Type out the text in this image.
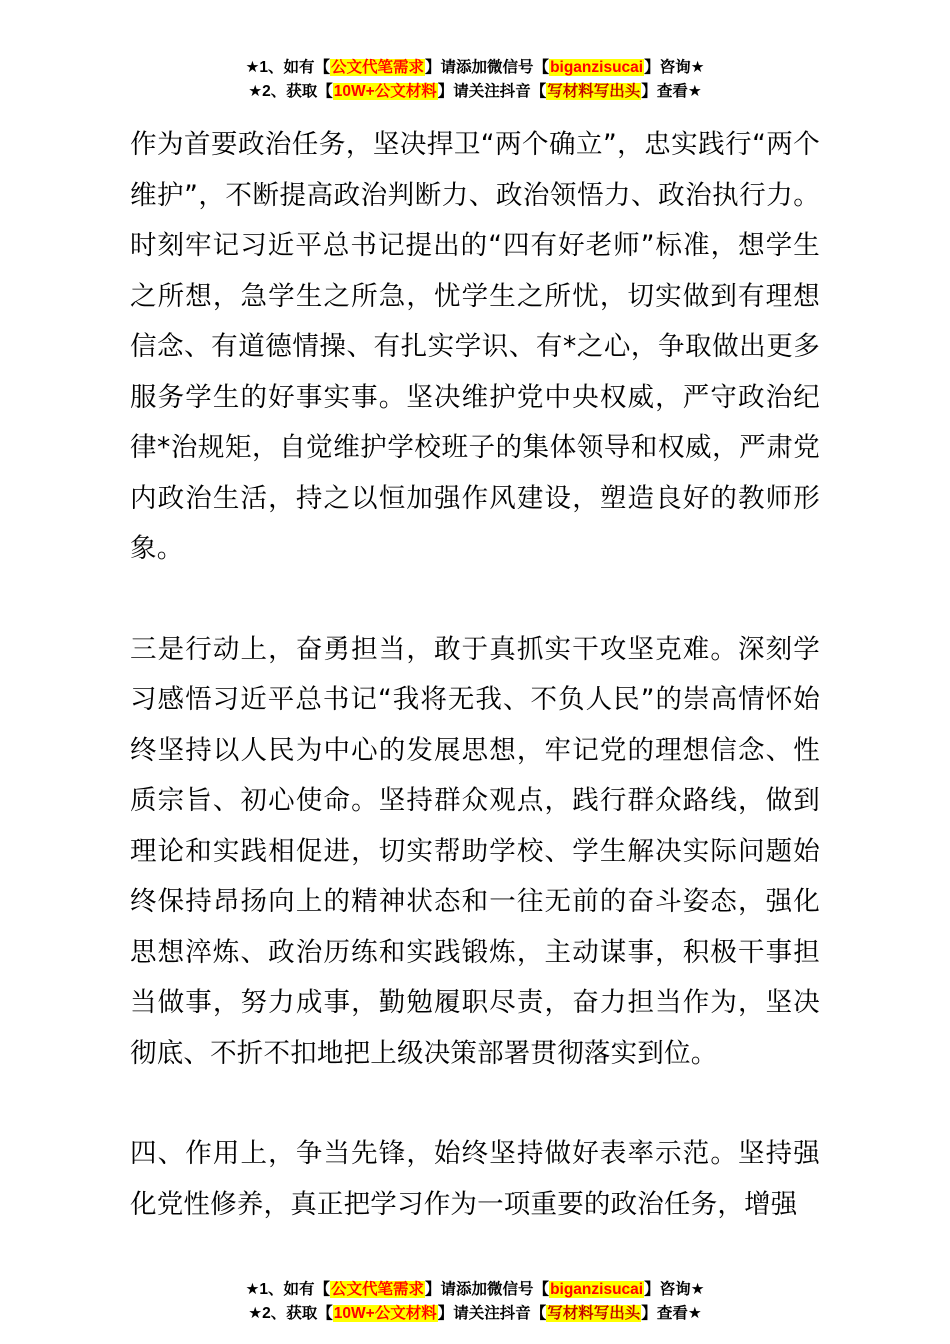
★1、如有【公文代笔需求】请添加微信号【biganzisucai】咨询★
★2、获取【10W+公文材料】请关注抖音【写材料写出头】查看★

作为首要政治任务，坚决捍卫“两个确立”，忠实践行“两个维护”，不断提高政治判断力、政治领悟力、政治执行力。时刻牢记习近平总书记提出的“四有好老师”标准，想学生之所想，急学生之所急，忧学生之所忧，切实做到有理想信念、有道德情操、有扎实学识、有*之心，争取做出更多服务学生的好事实事。坚决维护党中央权威，严守政治纪律*治规矩，自觉维护学校班子的集体领导和权威，严肃党内政治生活，持之以恒加强作风建设，塑造良好的教师形象。

三是行动上，奋勇担当，敢于真抓实干攻坚克难。深刻学习感悟习近平总书记“我将无我、不负人民”的崇高情怀始终坚持以人民为中心的发展思想，牢记党的理想信念、性质宗旨、初心使命。坚持群众观点，践行群众路线，做到理论和实践相促进，切实帮助学校、学生解决实际问题始终保持昂扬向上的精神状态和一往无前的奋斗姿态，强化思想淬炼、政治历练和实践锻炼，主动谋事，积极干事担当做事，努力成事，勤勉履职尽责，奋力担当作为，坚决彻底、不折不扣地把上级决策部署贯彻落实到位。

四、作用上，争当先锋，始终坚持做好表率示范。坚持强化党性修养，真正把学习作为一项重要的政治任务，增强

★1、如有【公文代笔需求】请添加微信号【biganzisucai】咨询★
★2、获取【10W+公文材料】请关注抖音【写材料写出头】查看★
